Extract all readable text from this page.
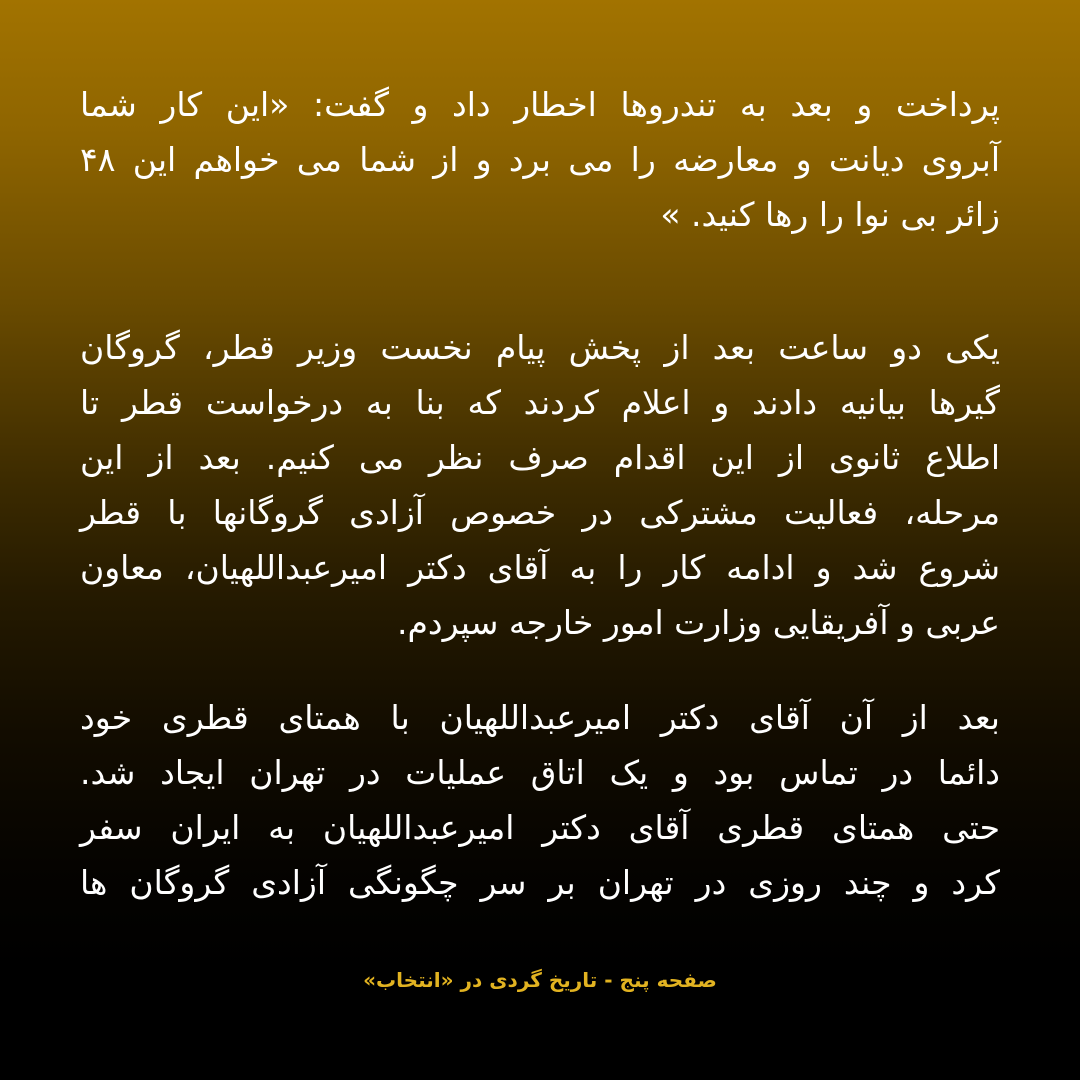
پرداخت و بعد به تندروها اخطار داد و گفت: «این کار شما
آبروی دیانت و معارضه را می برد و از شما می خواهم این ۴۸
زائر بی نوا را رها کنید. »
یکی دو ساعت بعد از پخش پیام نخست وزیر قطر، گروگان
گیرها بیانیه دادند و اعلام کردند که بنا به درخواست قطر تا
اطلاع ثانوی از این اقدام صرف نظر می کنیم. بعد از این
مرحله، فعالیت مشترکی در خصوص آزادی گروگانها با قطر
شروع شد و ادامه کار را به آقای دکتر امیرعبداللهیان، معاون
عربی و آفریقایی وزارت امور خارجه سپردم.
بعد از آن آقای دکتر امیرعبداللهیان با همتای قطری خود
دائما در تماس بود و یک اتاق عملیات در تهران ایجاد شد.
حتی همتای قطری آقای دکتر امیرعبداللهیان به ایران سفر
کرد و چند روزی در تهران بر سر چگونگی آزادی گروگان ها
صفحه پنج - تاریخ گردی در «انتخاب»
